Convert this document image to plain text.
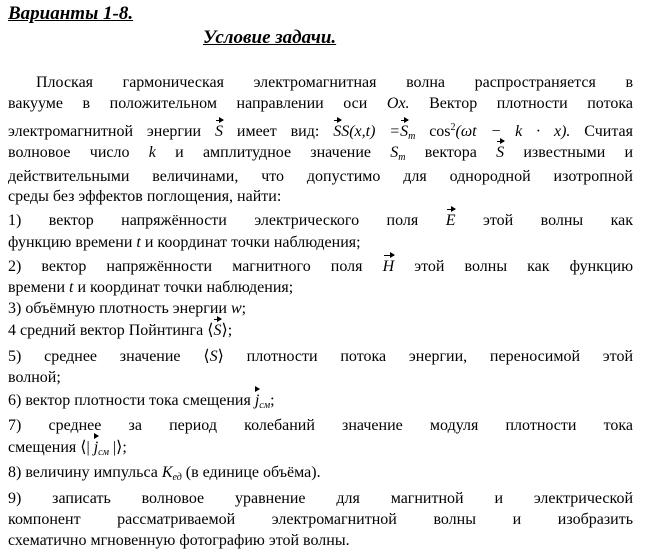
Варианты 1-8.
Условие задачи.
Плоская гармоническая электромагнитная волна распространяется в
вакууме в положительном направлении оси Ox. Вектор плотности потока
электромагнитной энергии S имеет вид: $SS(x,t) =S_m$ $\cos^2(\omega t - k \cdot x)$. Считая
волновое число k и амплитудное значение $S_m$ вектора S известными и
действительными величинами, что допустимо для однородной изотропной
среды без эффектов поглощения, найти:
1) вектор напряжённости электрического поля E этой волны как
функцию времени t и координат точки наблюдения;
2) вектор напряжённости магнитного поля H этой волны как функцию
времени t и координат точки наблюдения;
3) объёмную плотность энергии w;
4 средний вектор Пойнтинга ⟨S⟩;
5) среднее значение ⟨S⟩ плотности потока энергии, переносимой этой
волной;
6) вектор плотности тока смещения $j_{см}$;
7) среднее за период колебаний значение модуля плотности тока
смещения ⟨| $j_{см}$ |⟩;
8) величину импульса $K_{ед}$ (в единице объёма).
9) записать волновое уравнение для магнитной и электрической
компонент рассматриваемой электромагнитной волны и изобразить
схематично мгновенную фотографию этой волны.
